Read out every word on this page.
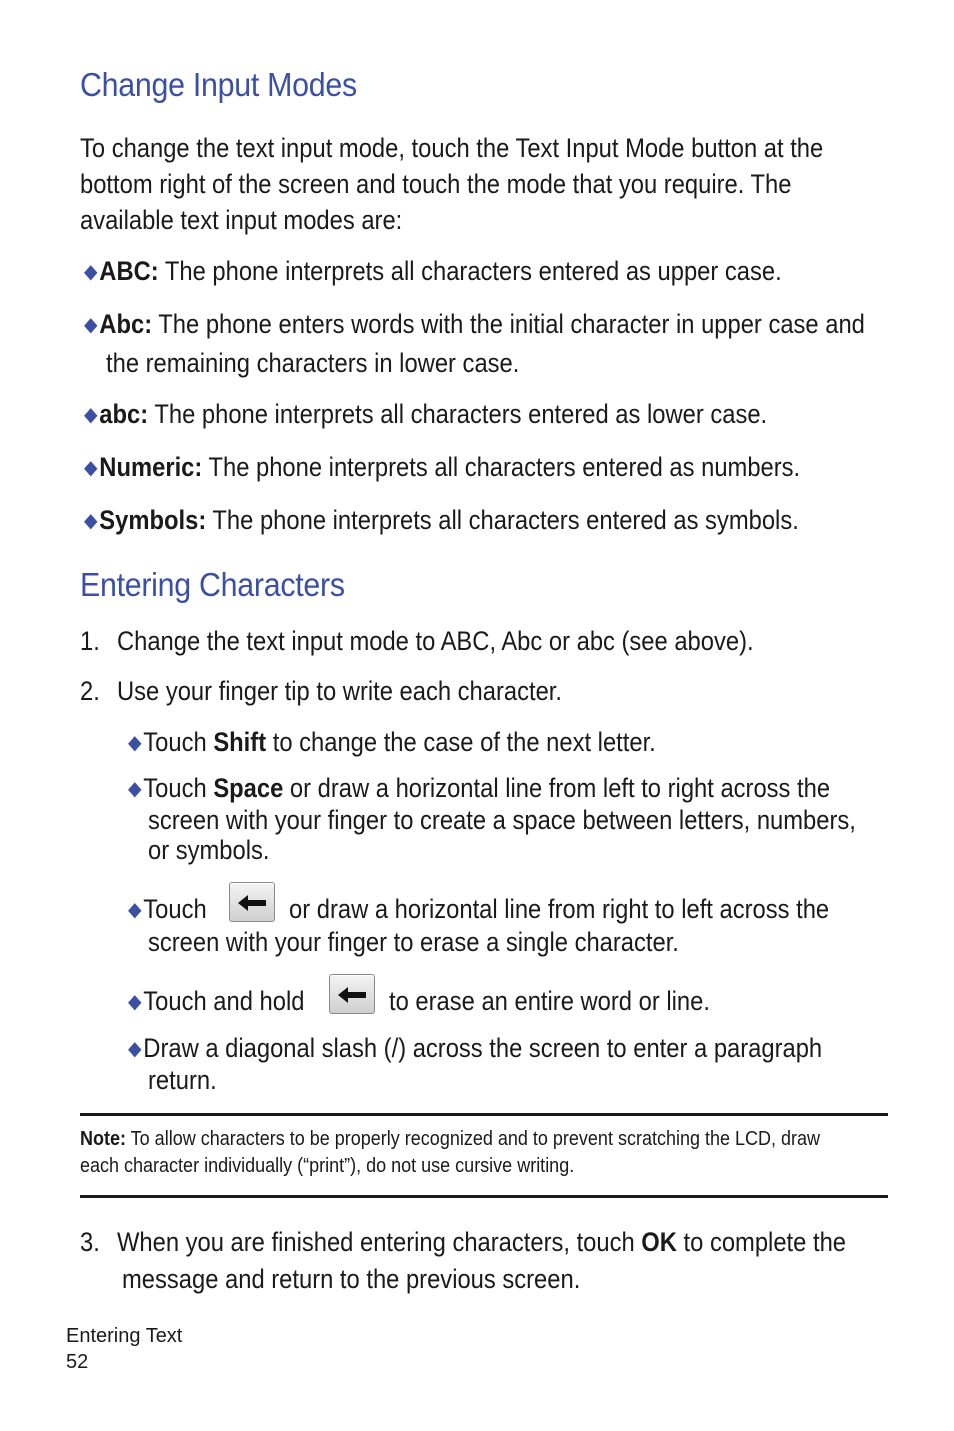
Change Input Modes
To change the text input mode, touch the Text Input Mode button at the
bottom right of the screen and touch the mode that you require. The
available text input modes are:
◆ABC: The phone interprets all characters entered as upper case.
◆Abc: The phone enters words with the initial character in upper case and
the remaining characters in lower case.
◆abc: The phone interprets all characters entered as lower case.
◆Numeric: The phone interprets all characters entered as numbers.
◆Symbols: The phone interprets all characters entered as symbols.
Entering Characters
1. Change the text input mode to ABC, Abc or abc (see above).
2. Use your finger tip to write each character.
◆Touch Shift to change the case of the next letter.
◆Touch Space or draw a horizontal line from left to right across the
screen with your finger to create a space between letters, numbers,
or symbols.
◆Touch	or draw a horizontal line from right to left across the
screen with your finger to erase a single character.
◆Touch and hold	to erase an entire word or line.
◆Draw a diagonal slash (/) across the screen to enter a paragraph
return.
Note: To allow characters to be properly recognized and to prevent scratching the LCD, draw
each character individually (“print”), do not use cursive writing.
3. When you are finished entering characters, touch OK to complete the
message and return to the previous screen.
Entering Text
52
